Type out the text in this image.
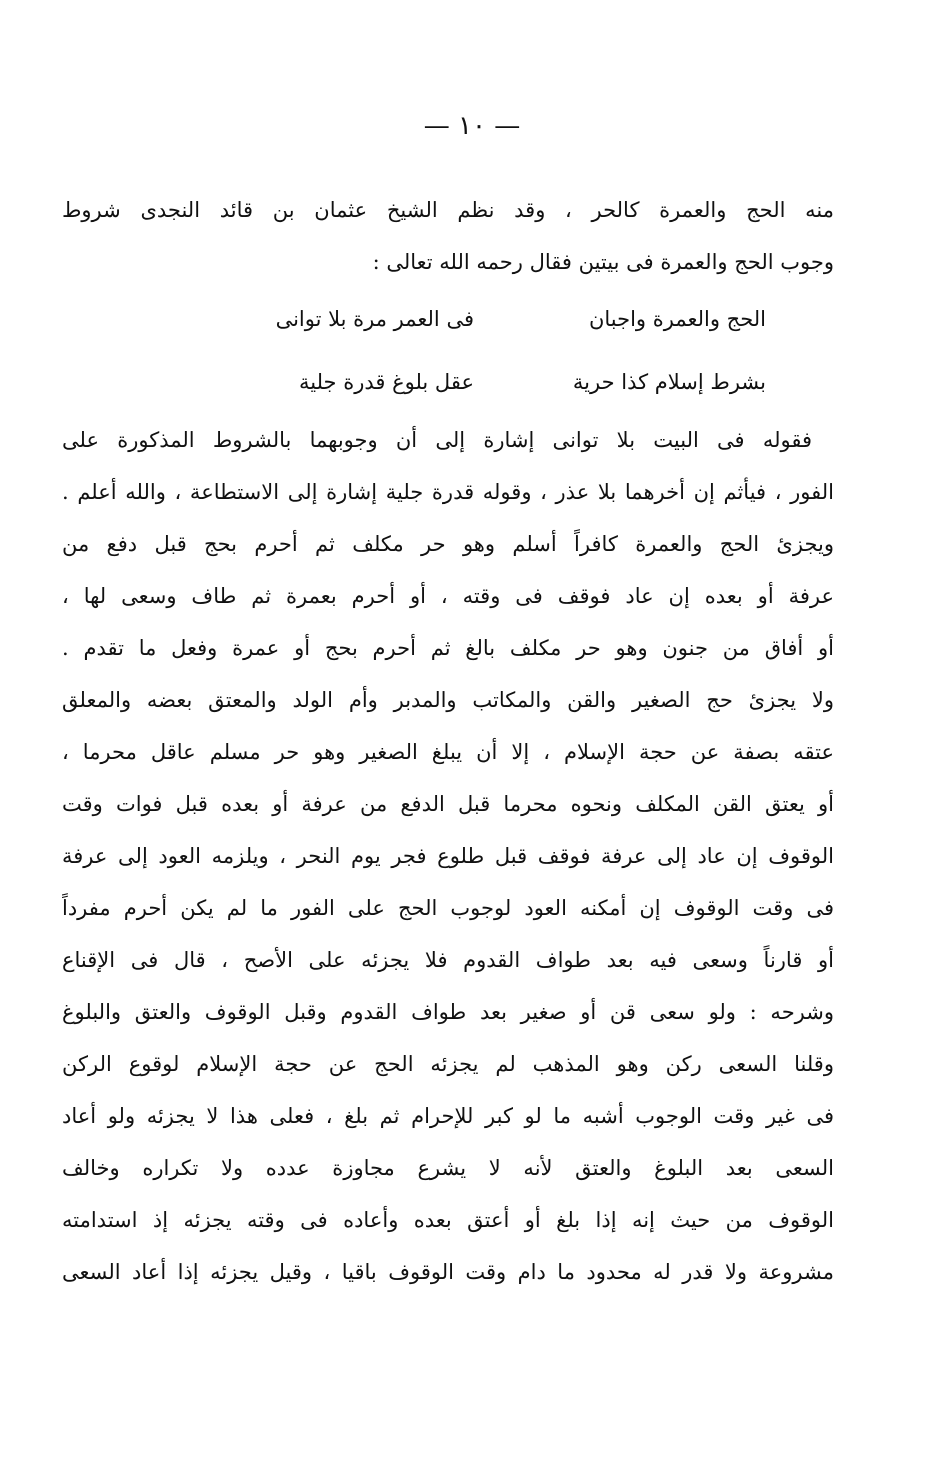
— ١٠ —
منه الحج والعمرة كالحر ، وقد نظم الشيخ عثمان بن قائد النجدى شروط
وجوب الحج والعمرة فى بيتين فقال رحمه الله تعالى :
الحج والعمرة واجبان
فى العمر مرة بلا توانى
بشرط إسلام كذا حرية
عقل بلوغ قدرة جلية
فقوله فى البيت بلا توانى إشارة إلى أن وجوبهما بالشروط المذكورة على
الفور ، فيأثم إن أخرهما بلا عذر ، وقوله قدرة جلية إشارة إلى الاستطاعة ، والله أعلم .
ويجزئ الحج والعمرة كافراً أسلم وهو حر مكلف ثم أحرم بحج قبل دفع من
عرفة أو بعده إن عاد فوقف فى وقته ، أو أحرم بعمرة ثم طاف وسعى لها ،
أو أفاق من جنون وهو حر مكلف بالغ ثم أحرم بحج أو عمرة وفعل ما تقدم .
ولا يجزئ حج الصغير والقن والمكاتب والمدبر وأم الولد والمعتق بعضه والمعلق
عتقه بصفة عن حجة الإسلام ، إلا أن يبلغ الصغير وهو حر مسلم عاقل محرما ،
أو يعتق القن المكلف ونحوه محرما قبل الدفع من عرفة أو بعده قبل فوات وقت
الوقوف إن عاد إلى عرفة فوقف قبل طلوع فجر يوم النحر ، ويلزمه العود إلى عرفة
فى وقت الوقوف إن أمكنه العود لوجوب الحج على الفور ما لم يكن أحرم مفرداً
أو قارناً وسعى فيه بعد طواف القدوم فلا يجزئه على الأصح ، قال فى الإقناع
وشرحه : ولو سعى قن أو صغير بعد طواف القدوم وقبل الوقوف والعتق والبلوغ
وقلنا السعى ركن وهو المذهب لم يجزئه الحج عن حجة الإسلام لوقوع الركن
فى غير وقت الوجوب أشبه ما لو كبر للإحرام ثم بلغ ، فعلى هذا لا يجزئه ولو أعاد
السعى بعد البلوغ والعتق لأنه لا يشرع مجاوزة عدده ولا تكراره وخالف
الوقوف من حيث إنه إذا بلغ أو أعتق بعده وأعاده فى وقته يجزئه إذ استدامته
مشروعة ولا قدر له محدود ما دام وقت الوقوف باقيا ، وقيل يجزئه إذا أعاد السعى
